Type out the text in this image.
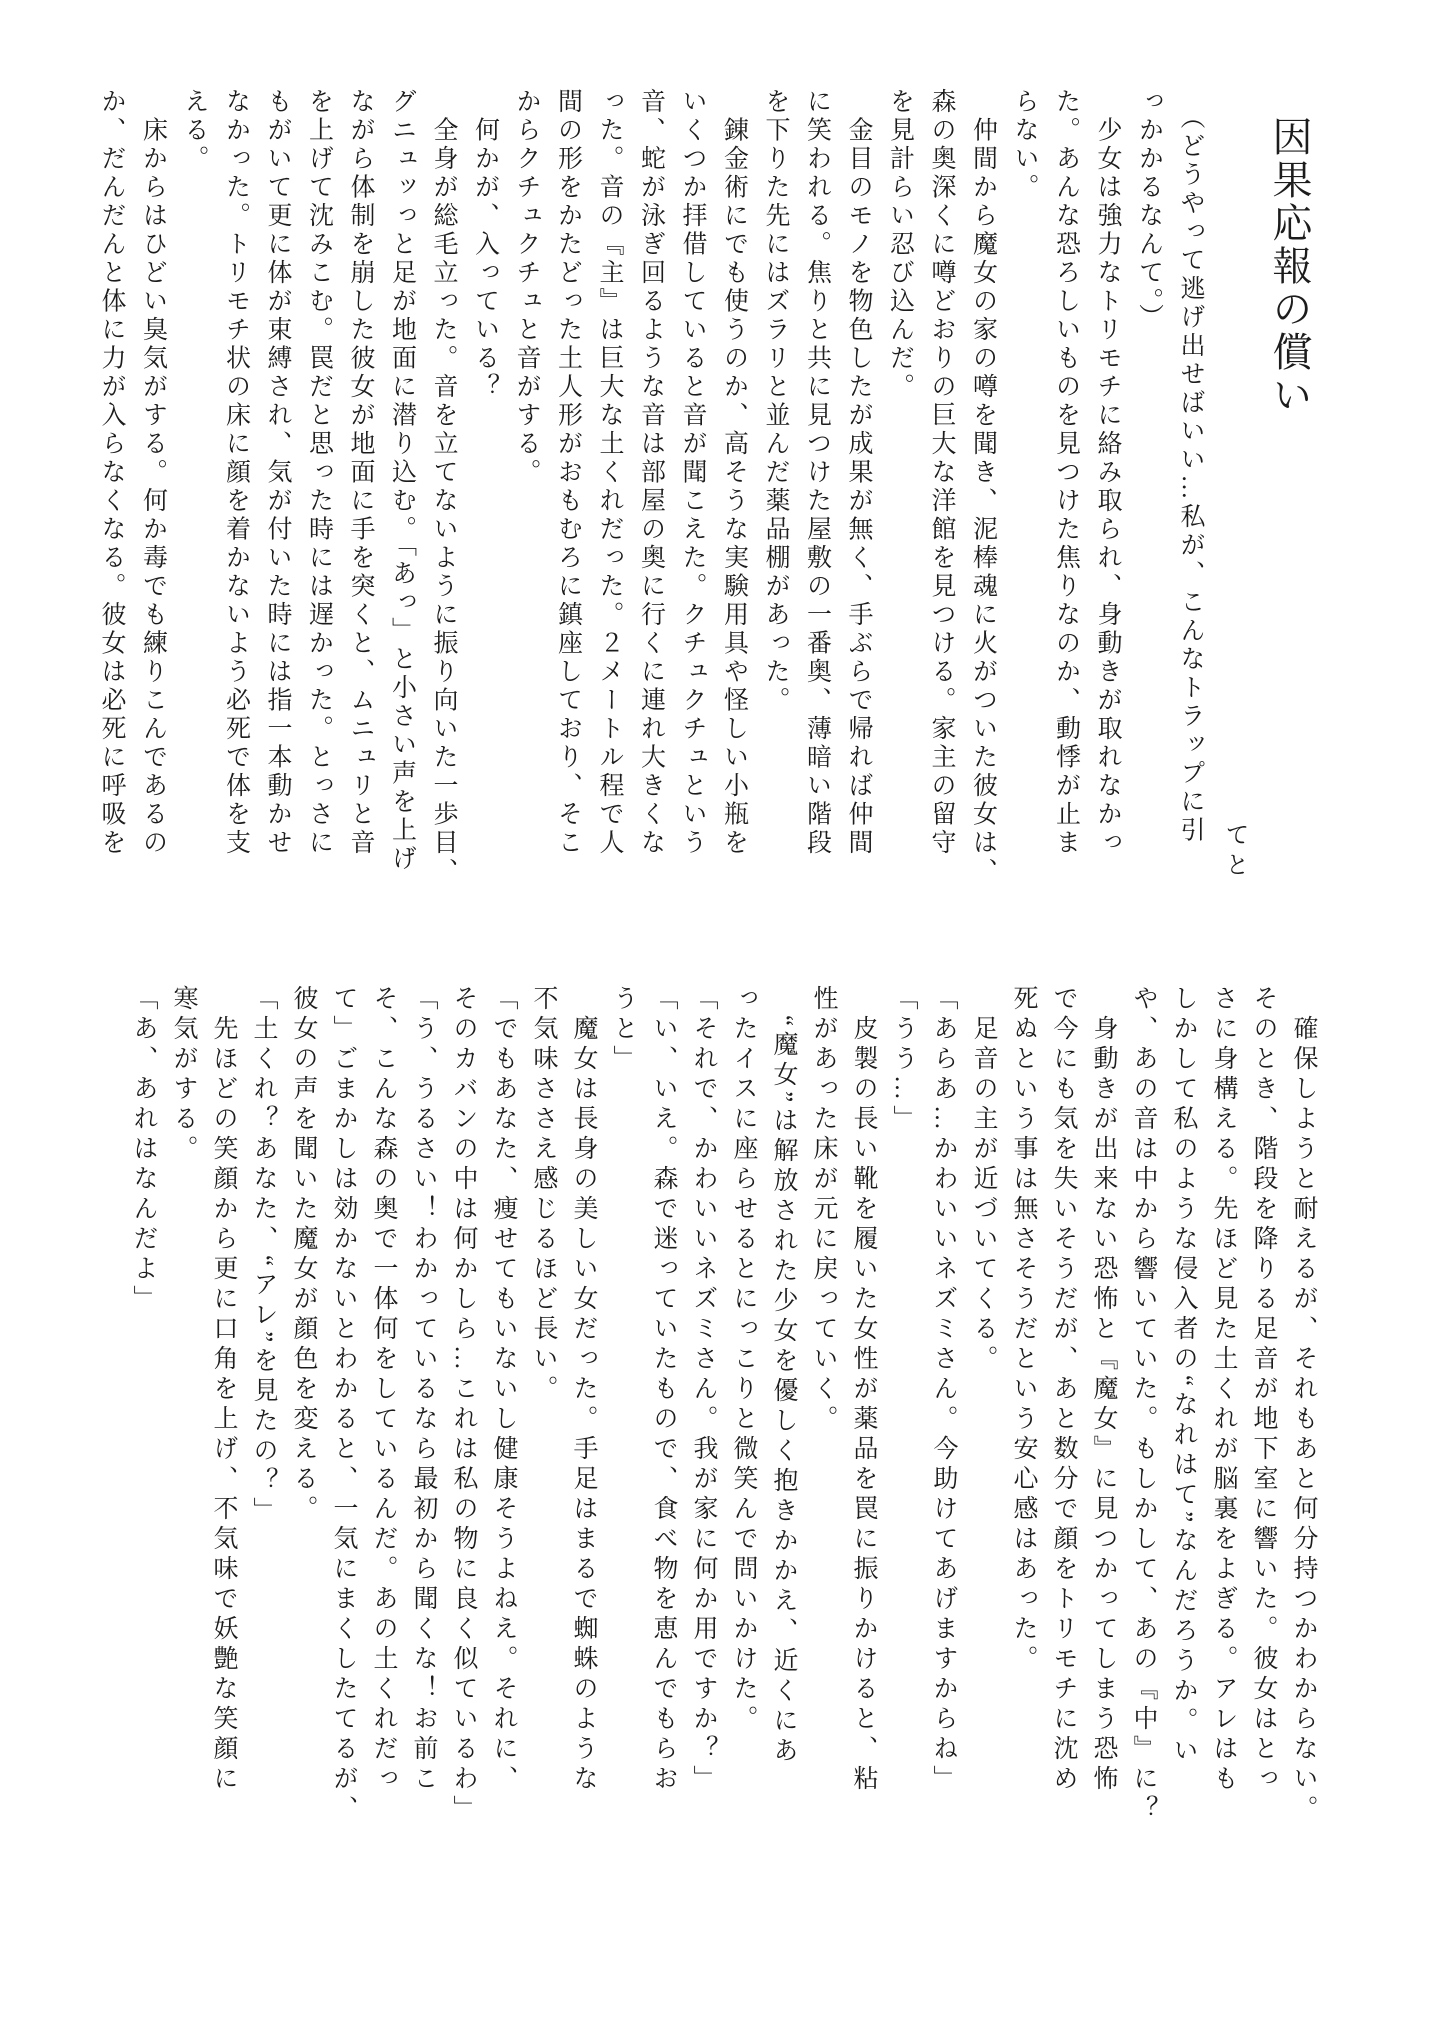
因果応報の償い

てと

　（どうやって逃げ出せばいい…私が、こんなトラップに引

っかかるなんて。）

　少女は強力なトリモチに絡み取られ、身動きが取れなかっ

た。あんな恐ろしいものを見つけた焦りなのか、動悸が止ま

らない。

　仲間から魔女の家の噂を聞き、泥棒魂に火がついた彼女は、

森の奥深くに噂どおりの巨大な洋館を見つける。家主の留守

を見計らい忍び込んだ。

　金目のモノを物色したが成果が無く、手ぶらで帰れば仲間

に笑われる。焦りと共に見つけた屋敷の一番奥、薄暗い階段

を下りた先にはズラリと並んだ薬品棚があった。

　錬金術にでも使うのか、高そうな実験用具や怪しい小瓶を

いくつか拝借していると音が聞こえた。クチュクチュという

音、蛇が泳ぎ回るような音は部屋の奥に行くに連れ大きくな

った。音の『主』は巨大な土くれだった。２メートル程で人

間の形をかたどった土人形がおもむろに鎮座しており、そこ

からクチュクチュと音がする。

　何かが、入っている？

　全身が総毛立った。音を立てないように振り向いた一歩目、

グニュッっと足が地面に潜り込む。「あっ」と小さい声を上げ

ながら体制を崩した彼女が地面に手を突くと、ムニュリと音

を上げて沈みこむ。罠だと思った時には遅かった。とっさに

もがいて更に体が束縛され、気が付いた時には指一本動かせ

なかった。トリモチ状の床に顔を着かないよう必死で体を支

える。

　床からはひどい臭気がする。何か毒でも練りこんであるの

か、だんだんと体に力が入らなくなる。彼女は必死に呼吸を

　確保しようと耐えるが、それもあと何分持つかわからない。

そのとき、階段を降りる足音が地下室に響いた。彼女はとっ

さに身構える。先ほど見た土くれが脳裏をよぎる。アレはも

しかして私のような侵入者の“なれはて”なんだろうか。い

や、あの音は中から響いていた。もしかして、あの『中』に？

　身動きが出来ない恐怖と『魔女』に見つかってしまう恐怖

で今にも気を失いそうだが、あと数分で顔をトリモチに沈め

死ぬという事は無さそうだという安心感はあった。

　足音の主が近づいてくる。

「あらあ…かわいいネズミさん。今助けてあげますからね」

「うう…」

　皮製の長い靴を履いた女性が薬品を罠に振りかけると、粘

性があった床が元に戻っていく。

　“魔女”は解放された少女を優しく抱きかかえ、近くにあ

ったイスに座らせるとにっこりと微笑んで問いかけた。

「それで、かわいいネズミさん。我が家に何か用ですか？」

「い、いえ。森で迷っていたもので、食べ物を恵んでもらお

うと」

　魔女は長身の美しい女だった。手足はまるで蜘蛛のような

不気味ささえ感じるほど長い。

「でもあなた、痩せてもいないし健康そうよねえ。それに、

そのカバンの中は何かしら…これは私の物に良く似ているわ」

「う、うるさい！わかっているなら最初から聞くな！お前こ

そ、こんな森の奥で一体何をしているんだ。あの土くれだっ

て」ごまかしは効かないとわかると、一気にまくしたてるが、

彼女の声を聞いた魔女が顔色を変える。

「土くれ？あなた、“アレ”を見たの？」

　先ほどの笑顔から更に口角を上げ、不気味で妖艶な笑顔に

寒気がする。

「あ、あれはなんだよ」
